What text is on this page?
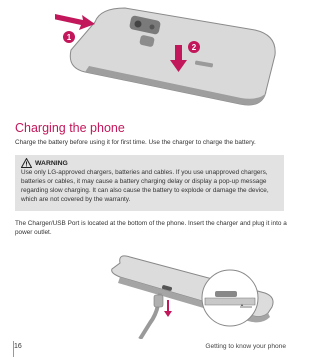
1
2
Charging the phone

Charge the battery before using it for first time. Use the charger to charge the battery.

WARNING

Use only LG-approved chargers, batteries and cables. If you use unapproved chargers, batteries or cables, it may cause a battery charging delay or display a pop-up message regarding slow charging. It can also cause the battery to explode or damage the device, which are not covered by the warranty.

The Charger/USB Port is located at the bottom of the phone. Insert the charger and plug it into a power outlet.

▲
16	Getting to know your phone
